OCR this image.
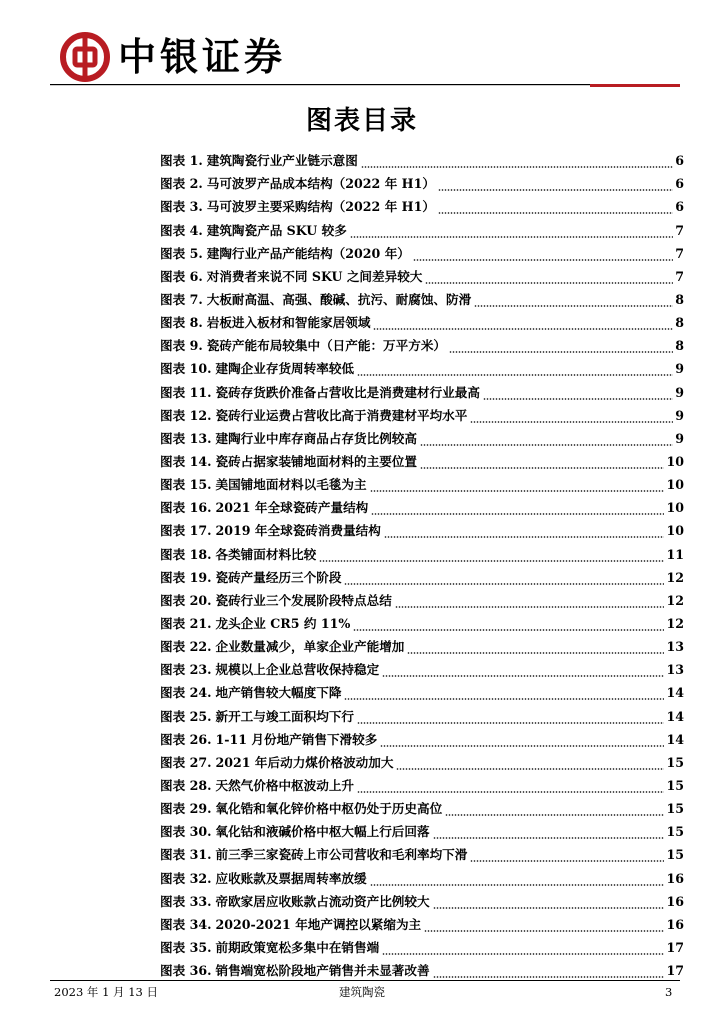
中银证券
图表目录
图表 1. 建筑陶瓷行业产业链示意图	6
图表 2. 马可波罗产品成本结构（2022 年 H1）	6
图表 3. 马可波罗主要采购结构（2022 年 H1）	6
图表 4. 建筑陶瓷产品 SKU 较多	7
图表 5. 建陶行业产品产能结构（2020 年）	7
图表 6. 对消费者来说不同 SKU 之间差异较大	7
图表 7. 大板耐高温、高强、酸碱、抗污、耐腐蚀、防滑	8
图表 8. 岩板进入板材和智能家居领域	8
图表 9. 瓷砖产能布局较集中（日产能：万平方米）	8
图表 10. 建陶企业存货周转率较低	9
图表 11. 瓷砖存货跌价准备占营收比是消费建材行业最高	9
图表 12. 瓷砖行业运费占营收比高于消费建材平均水平	9
图表 13. 建陶行业中库存商品占存货比例较高	9
图表 14. 瓷砖占据家装铺地面材料的主要位置	10
图表 15. 美国铺地面材料以毛毯为主	10
图表 16. 2021 年全球瓷砖产量结构	10
图表 17. 2019 年全球瓷砖消费量结构	10
图表 18. 各类铺面材料比较	11
图表 19. 瓷砖产量经历三个阶段	12
图表 20. 瓷砖行业三个发展阶段特点总结	12
图表 21. 龙头企业 CR5 约 11%	12
图表 22. 企业数量减少，单家企业产能增加	13
图表 23. 规模以上企业总营收保持稳定	13
图表 24. 地产销售较大幅度下降	14
图表 25. 新开工与竣工面积均下行	14
图表 26. 1-11 月份地产销售下滑较多	14
图表 27. 2021 年后动力煤价格波动加大	15
图表 28. 天然气价格中枢波动上升	15
图表 29. 氧化锆和氧化锌价格中枢仍处于历史高位	15
图表 30. 氧化钴和液碱价格中枢大幅上行后回落	15
图表 31. 前三季三家瓷砖上市公司营收和毛利率均下滑	15
图表 32. 应收账款及票据周转率放缓	16
图表 33. 帝欧家居应收账款占流动资产比例较大	16
图表 34. 2020-2021 年地产调控以紧缩为主	16
图表 35. 前期政策宽松多集中在销售端	17
图表 36. 销售端宽松阶段地产销售并未显著改善	17
2023 年 1 月 13 日	建筑陶瓷	3
